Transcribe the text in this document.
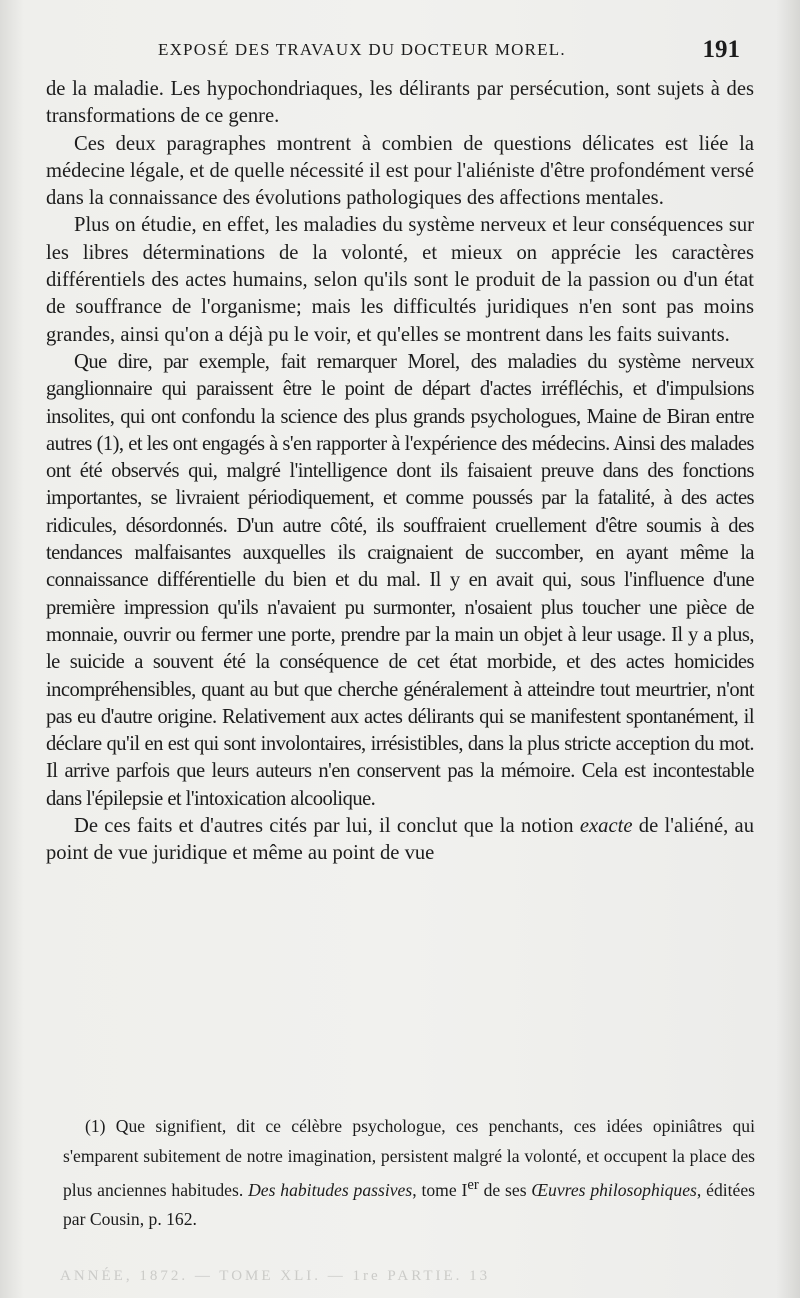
EXPOSÉ DES TRAVAUX DU DOCTEUR MOREL.	191

de la maladie. Les hypochondriaques, les délirants par persécution, sont sujets à des transformations de ce genre.

Ces deux paragraphes montrent à combien de questions délicates est liée la médecine légale, et de quelle nécessité il est pour l'aliéniste d'être profondément versé dans la connaissance des évolutions pathologiques des affections mentales.

Plus on étudie, en effet, les maladies du système nerveux et leur conséquences sur les libres déterminations de la volonté, et mieux on apprécie les caractères différentiels des actes humains, selon qu'ils sont le produit de la passion ou d'un état de souffrance de l'organisme; mais les difficultés juridiques n'en sont pas moins grandes, ainsi qu'on a déjà pu le voir, et qu'elles se montrent dans les faits suivants.

Que dire, par exemple, fait remarquer Morel, des maladies du système nerveux ganglionnaire qui paraissent être le point de départ d'actes irréfléchis, et d'impulsions insolites, qui ont confondu la science des plus grands psychologues, Maine de Biran entre autres (1), et les ont engagés à s'en rapporter à l'expérience des médecins. Ainsi des malades ont été observés qui, malgré l'intelligence dont ils faisaient preuve dans des fonctions importantes, se livraient périodiquement, et comme poussés par la fatalité, à des actes ridicules, désordonnés. D'un autre côté, ils souffraient cruellement d'être soumis à des tendances malfaisantes auxquelles ils craignaient de succomber, en ayant même la connaissance différentielle du bien et du mal. Il y en avait qui, sous l'influence d'une première impression qu'ils n'avaient pu surmonter, n'osaient plus toucher une pièce de monnaie, ouvrir ou fermer une porte, prendre par la main un objet à leur usage. Il y a plus, le suicide a souvent été la conséquence de cet état morbide, et des actes homicides incompréhensibles, quant au but que cherche généralement à atteindre tout meurtrier, n'ont pas eu d'autre origine. Relativement aux actes délirants qui se manifestent spontanément, il déclare qu'il en est qui sont involontaires, irrésistibles, dans la plus stricte acception du mot. Il arrive parfois que leurs auteurs n'en conservent pas la mémoire. Cela est incontestable dans l'épilepsie et l'intoxication alcoolique.

De ces faits et d'autres cités par lui, il conclut que la notion exacte de l'aliéné, au point de vue juridique et même au point de vue

(1) Que signifient, dit ce célèbre psychologue, ces penchants, ces idées opiniâtres qui s'emparent subitement de notre imagination, persistent malgré la volonté, et occupent la place des plus anciennes habitudes. Des habitudes passives, tome Ier de ses Œuvres philosophiques, éditées par Cousin, p. 162.

ANNÉE, 1872. — TOME XLI. — 1re PARTIE. 13
